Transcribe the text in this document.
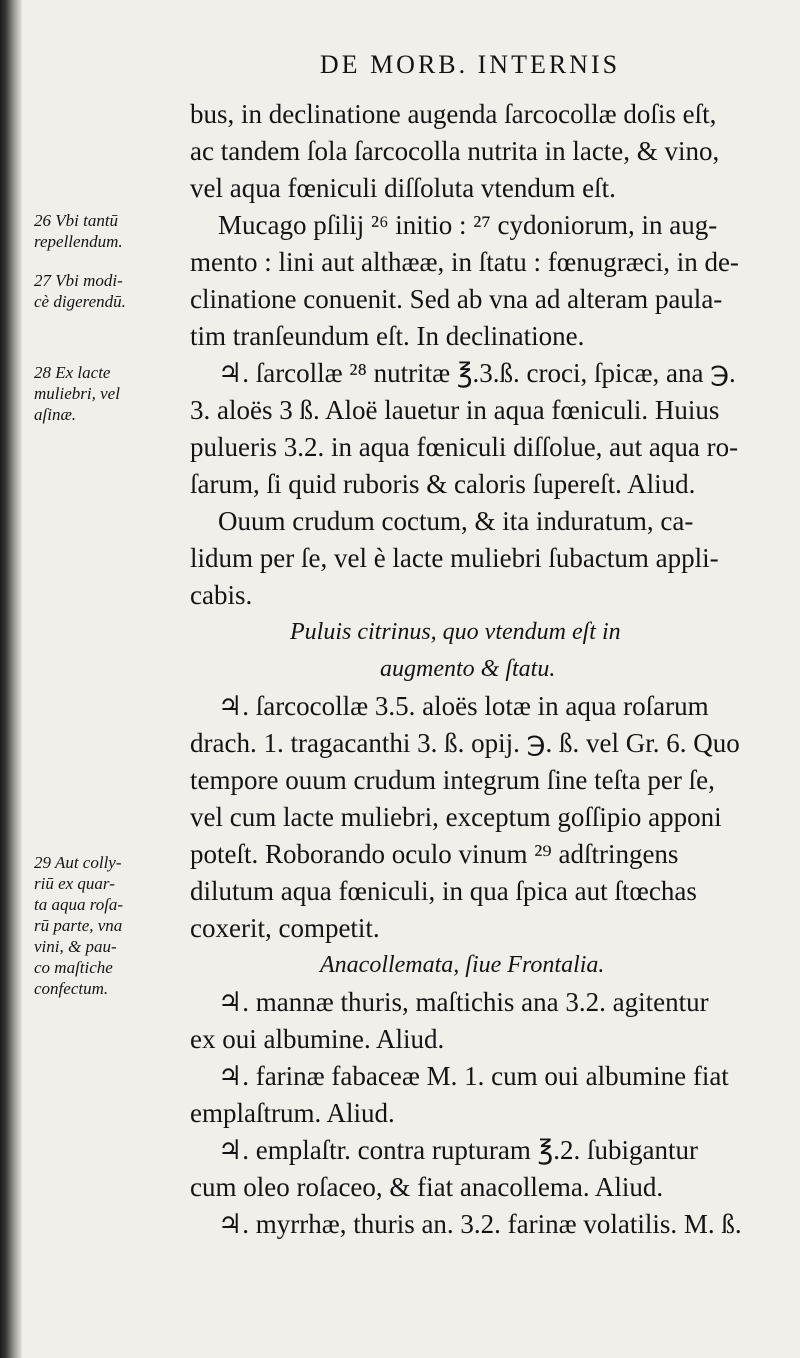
DE MORB. INTERNIS
bus, in declinatione augenda ſarcocollæ doſis eſt,
ac tandem ſola ſarcocolla nutrita in lacte, & vino,
vel aqua fœniculi diſſoluta vtendum eſt.
Mucago pſilij ²⁶ initio : ²⁷ cydoniorum, in aug-
mento : lini aut althææ, in ſtatu : fœnugræci, in de-
clinatione conuenit. Sed ab vna ad alteram paula-
tim tranſeundum eſt. In declinatione.
♃. ſarcollæ ²⁸ nutritæ ℥.3.ß. croci, ſpicæ, ana ℈.
3. aloës 3 ß. Aloë lauetur in aqua fœniculi. Huius
pulueris 3.2. in aqua fœniculi diſſolue, aut aqua ro-
ſarum, ſi quid ruboris & caloris ſupereſt. Aliud.
Ouum crudum coctum, & ita induratum, ca-
lidum per ſe, vel è lacte muliebri ſubactum appli-
cabis.
Puluis citrinus, quo vtendum eſt in
augmento & ſtatu.
♃. ſarcocollæ 3.5. aloës lotæ in aqua roſarum
drach. 1. tragacanthi 3. ß. opij. ℈. ß. vel Gr. 6. Quo
tempore ouum crudum integrum ſine teſta per ſe,
vel cum lacte muliebri, exceptum goſſipio apponi
poteſt. Roborando oculo vinum ²⁹ adſtringens
dilutum aqua fœniculi, in qua ſpica aut ſtœchas
coxerit, competit.
Anacollemata, ſiue Frontalia.
♃. mannæ thuris, maſtichis ana 3.2. agitentur
ex oui albumine. Aliud.
♃. farinæ fabaceæ M. 1. cum oui albumine fiat
emplaſtrum. Aliud.
♃. emplaſtr. contra rupturam ℥.2. ſubigantur
cum oleo roſaceo, & fiat anacollema. Aliud.
♃. myrrhæ, thuris an. 3.2. farinæ volatilis. M. ß.
26 Vbi tantū
repellendum.
27 Vbi modi-
cè digerendū.
28 Ex lacte
muliebri, vel
aſinæ.
29 Aut colly-
riū ex quar-
ta aqua roſa-
rū parte, vna
vini, & pau-
co maſtiche
confectum.
